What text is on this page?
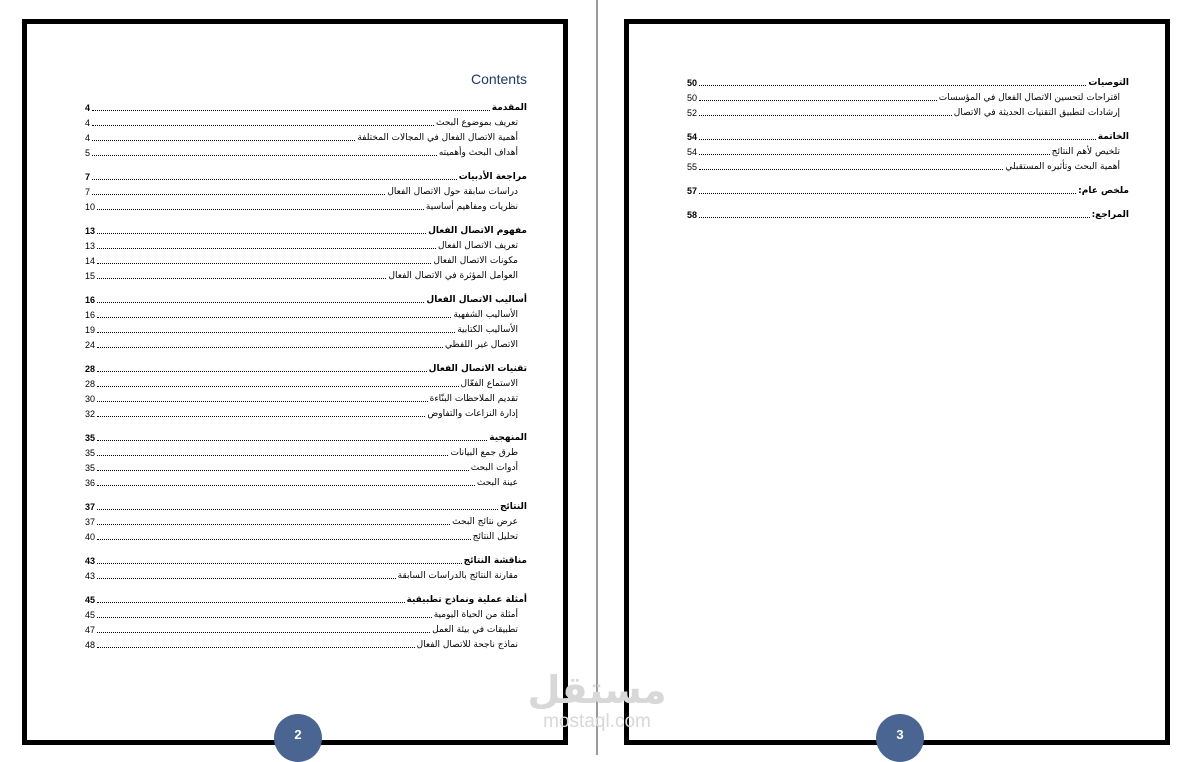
Contents
المقدمة
4
تعريف بموضوع البحث
4
أهمية الاتصال الفعال في المجالات المختلفة
4
أهداف البحث وأهميته
5
مراجعة الأدبيات
7
دراسات سابقة حول الاتصال الفعال
7
نظريات ومفاهيم أساسية
10
مفهوم الاتصال الفعال
13
تعريف الاتصال الفعال
13
مكونات الاتصال الفعال
14
العوامل المؤثرة في الاتصال الفعال
15
أساليب الاتصال الفعال
16
الأساليب الشفهية
16
الأساليب الكتابية
19
الاتصال غير اللفظي
24
تقنيات الاتصال الفعال
28
الاستماع الفعّال
28
تقديم الملاحظات البنّاءة
30
إدارة النزاعات والتفاوض
32
المنهجية
35
طرق جمع البيانات
35
أدوات البحث
35
عينة البحث
36
النتائج
37
عرض نتائج البحث
37
تحليل النتائج
40
مناقشة النتائج
43
مقارنة النتائج بالدراسات السابقة
43
أمثلة عملية ونماذج تطبيقية
45
أمثلة من الحياة اليومية
45
تطبيقات في بيئة العمل
47
نماذج ناجحة للاتصال الفعال
48
التوصيات
50
اقتراحات لتحسين الاتصال الفعال في المؤسسات
50
إرشادات لتطبيق التقنيات الحديثة في الاتصال
52
الخاتمة
54
تلخيص لأهم النتائج
54
أهمية البحث وتأثيره المستقبلي
55
ملخص عام:
57
المراجع:
58
2	3
مستقل
mostaql.com
